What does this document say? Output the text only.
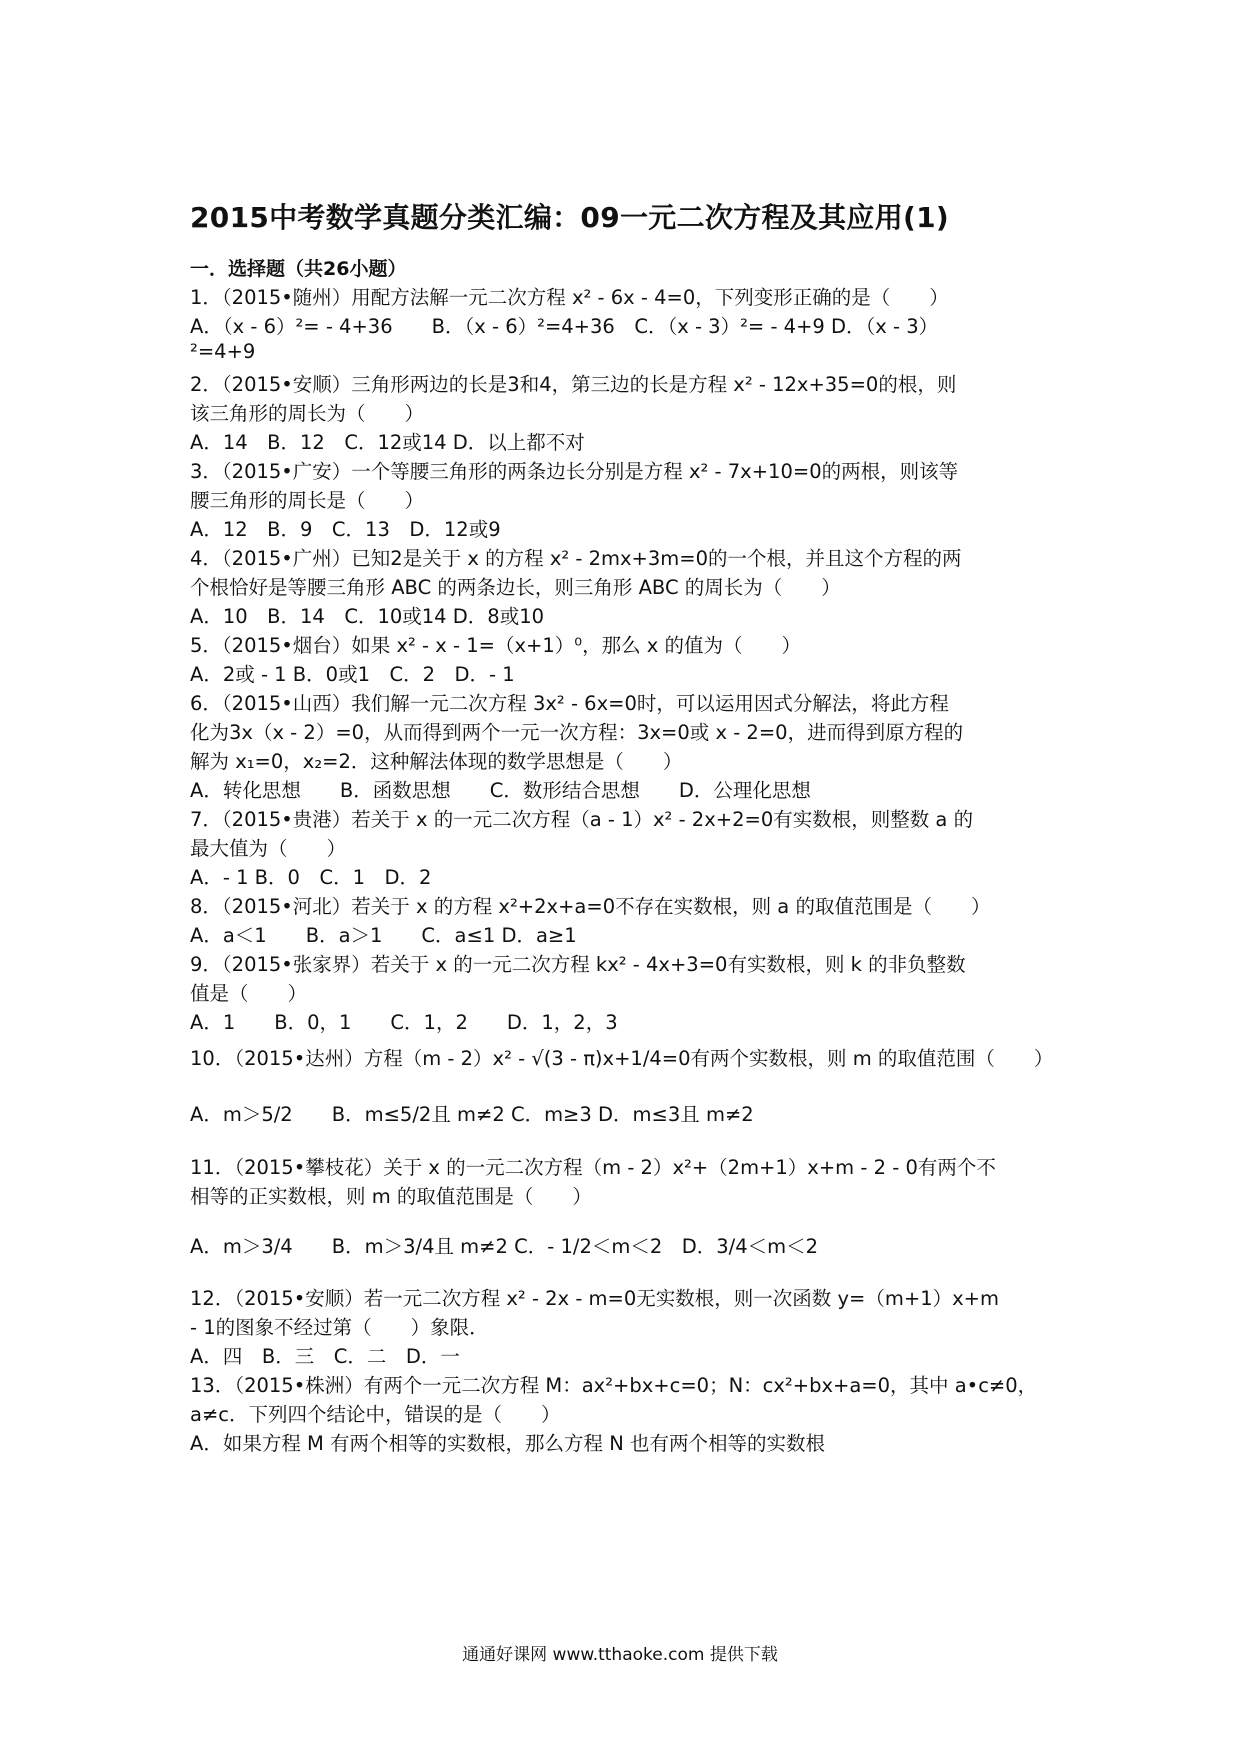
2015中考数学真题分类汇编：09一元二次方程及其应用(1)
一．选择题（共26小题）
1．（2015•随州）用配方法解一元二次方程 x² - 6x - 4=0，下列变形正确的是（　　）
A．（x - 6）²= - 4+36　　B．（x - 6）²=4+36　C．（x - 3）²= - 4+9 D．（x - 3）
²=4+9
2．（2015•安顺）三角形两边的长是3和4，第三边的长是方程 x² - 12x+35=0的根，则
该三角形的周长为（　　）
A．14　B．12　C．12或14 D．以上都不对
3．（2015•广安）一个等腰三角形的两条边长分别是方程 x² - 7x+10=0的两根，则该等
腰三角形的周长是（　　）
A．12　B．9　C．13　D．12或9
4．（2015•广州）已知2是关于 x 的方程 x² - 2mx+3m=0的一个根，并且这个方程的两
个根恰好是等腰三角形 ABC 的两条边长，则三角形 ABC 的周长为（　　）
A．10　B．14　C．10或14 D．8或10
5．（2015•烟台）如果 x² - x - 1=（x+1）⁰，那么 x 的值为（　　）
A．2或 - 1 B．0或1　C．2　D．- 1
6．（2015•山西）我们解一元二次方程 3x² - 6x=0时，可以运用因式分解法，将此方程
化为3x（x - 2）=0，从而得到两个一元一次方程：3x=0或 x - 2=0，进而得到原方程的
解为 x₁=0，x₂=2．这种解法体现的数学思想是（　　）
A．转化思想　　B．函数思想　　C．数形结合思想　　D．公理化思想
7．（2015•贵港）若关于 x 的一元二次方程（a - 1）x² - 2x+2=0有实数根，则整数 a 的
最大值为（　　）
A．- 1 B．0　C．1　D．2
8．（2015•河北）若关于 x 的方程 x²+2x+a=0不存在实数根，则 a 的取值范围是（　　）
A．a＜1　　B．a＞1　　C．a≤1 D．a≥1
9．（2015•张家界）若关于 x 的一元二次方程 kx² - 4x+3=0有实数根，则 k 的非负整数
值是（　　）
A．1　　B．0，1　　C．1，2　　D．1，2，3
10．（2015•达州）方程（m - 2）x² - √(3 - π)x+1/4=0有两个实数根，则 m 的取值范围（　　）
A．m＞5/2　　B．m≤5/2且 m≠2 C．m≥3 D．m≤3且 m≠2
11．（2015•攀枝花）关于 x 的一元二次方程（m - 2）x²+（2m+1）x+m - 2 - 0有两个不
相等的正实数根，则 m 的取值范围是（　　）
A．m＞3/4　　B．m＞3/4且 m≠2 C．- 1/2＜m＜2　D．3/4＜m＜2
12．（2015•安顺）若一元二次方程 x² - 2x - m=0无实数根，则一次函数 y=（m+1）x+m
- 1的图象不经过第（　　）象限．
A．四　B．三　C．二　D．一
13．（2015•株洲）有两个一元二次方程 M：ax²+bx+c=0；N：cx²+bx+a=0，其中 a•c≠0，
a≠c．下列四个结论中，错误的是（　　）
A．如果方程 M 有两个相等的实数根，那么方程 N 也有两个相等的实数根
通通好课网 www.tthaoke.com 提供下载
